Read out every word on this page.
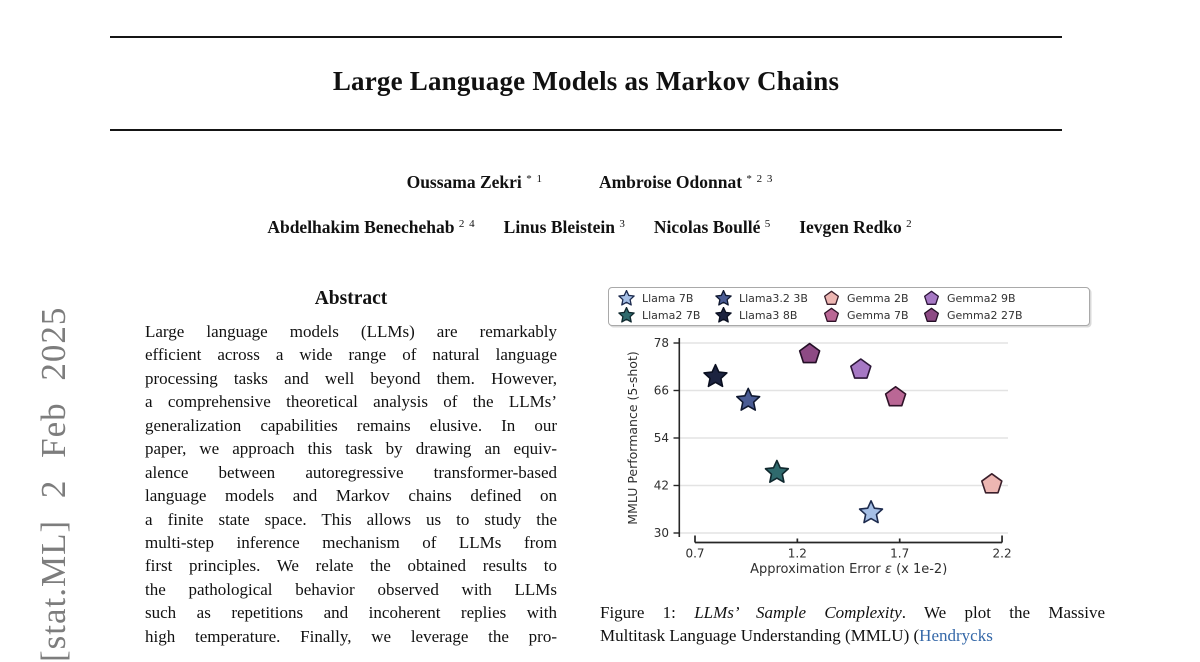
[stat.ML] 2 Feb 2025
Large Language Models as Markov Chains
Oussama Zekri $^{* 1}$	Ambroise Odonnat $^{* 2 3}$
Abdelhakim Benechehab $^{2 4}$ Linus Bleistein $^3$ Nicolas Boullé $^5$ Ievgen Redko $^2$
Abstract
Large language models (LLMs) are remarkably
efficient across a wide range of natural language
processing tasks and well beyond them. However,
a comprehensive theoretical analysis of the LLMs’
generalization capabilities remains elusive. In our
paper, we approach this task by drawing an equiv-
alence between autoregressive transformer-based
language models and Markov chains defined on
a finite state space. This allows us to study the
multi-step inference mechanism of LLMs from
first principles. We relate the obtained results to
the pathological behavior observed with LLMs
such as repetitions and incoherent replies with
high temperature. Finally, we leverage the pro-
Llama 7B
Llama2 7B
Llama3.2 3B
Llama3 8B
Gemma 2B
Gemma 7B
Gemma2 9B
Gemma2 27B
30
42
54
66
78
0.7	1.2	1.7	2.2
MMLU Performance (5-shot)
Approximation Error ε (x 1e-2)
Figure 1: LLMs’ Sample Complexity. We plot the Massive
Multitask Language Understanding (MMLU) (Hendrycks
